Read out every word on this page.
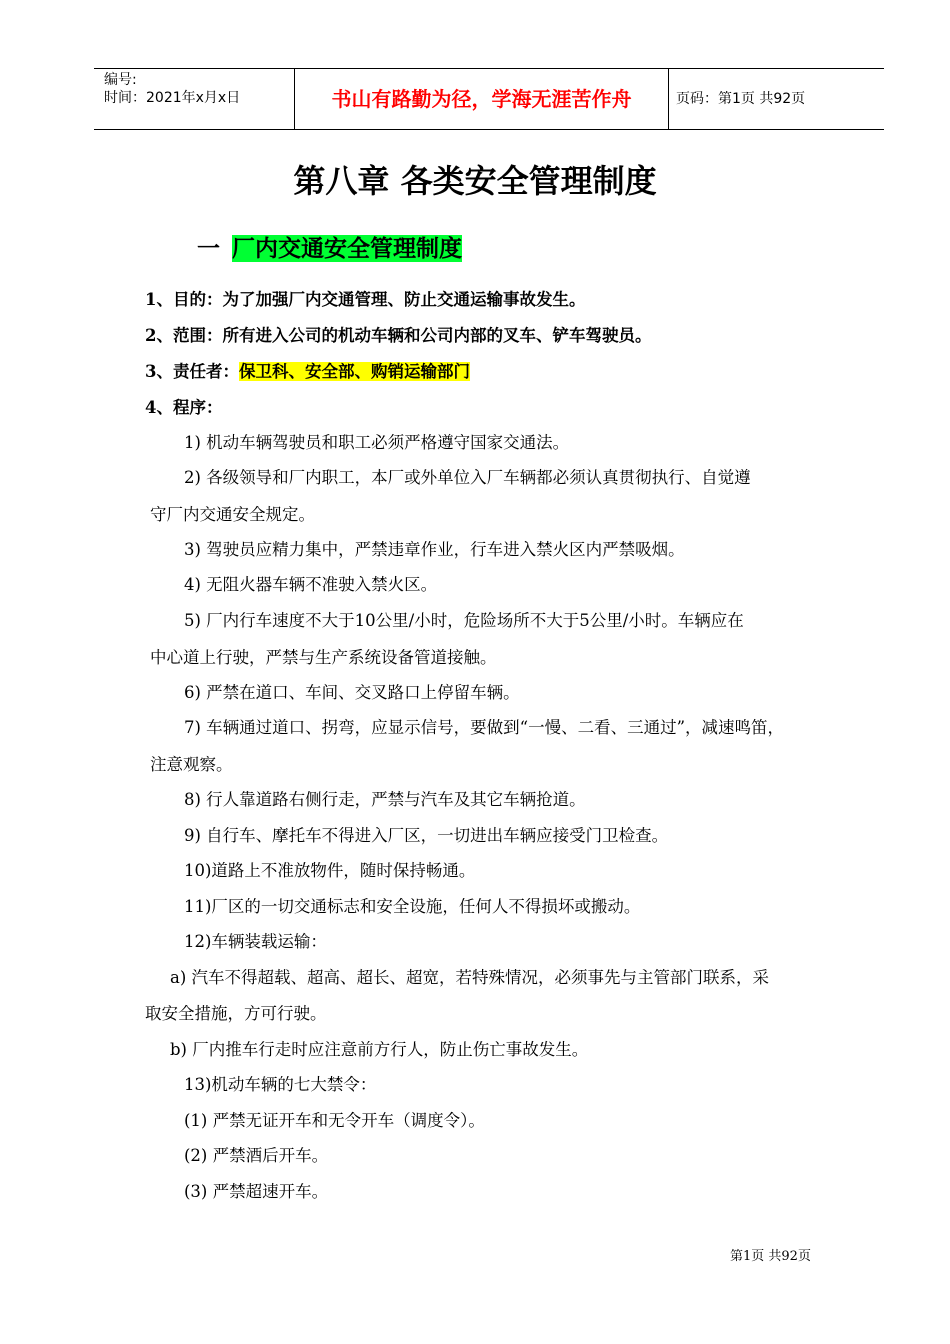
编号:
时间：2021年x月x日	书山有路勤为径，学海无涯苦作舟	页码：第1页 共92页
第八章 各类安全管理制度
一 厂内交通安全管理制度
1、目的：为了加强厂内交通管理、防止交通运输事故发生。
2、范围：所有进入公司的机动车辆和公司内部的叉车、铲车驾驶员。
3、责任者：保卫科、安全部、购销运输部门
4、程序：
1) 机动车辆驾驶员和职工必须严格遵守国家交通法。
2) 各级领导和厂内职工，本厂或外单位入厂车辆都必须认真贯彻执行、自觉遵
守厂内交通安全规定。
3) 驾驶员应精力集中，严禁违章作业，行车进入禁火区内严禁吸烟。
4) 无阻火器车辆不准驶入禁火区。
5) 厂内行车速度不大于10公里/小时，危险场所不大于5公里/小时。车辆应在
中心道上行驶，严禁与生产系统设备管道接触。
6) 严禁在道口、车间、交叉路口上停留车辆。
7) 车辆通过道口、拐弯，应显示信号，要做到“一慢、二看、三通过”，减速鸣笛，
注意观察。
8) 行人靠道路右侧行走，严禁与汽车及其它车辆抢道。
9) 自行车、摩托车不得进入厂区，一切进出车辆应接受门卫检查。
10)道路上不准放物件，随时保持畅通。
11)厂区的一切交通标志和安全设施，任何人不得损坏或搬动。
12)车辆装载运输：
a) 汽车不得超载、超高、超长、超宽，若特殊情况，必须事先与主管部门联系，采
取安全措施，方可行驶。
b) 厂内推车行走时应注意前方行人，防止伤亡事故发生。
13)机动车辆的七大禁令：
(1) 严禁无证开车和无令开车（调度令）。
(2) 严禁酒后开车。
(3) 严禁超速开车。
第1页 共92页
